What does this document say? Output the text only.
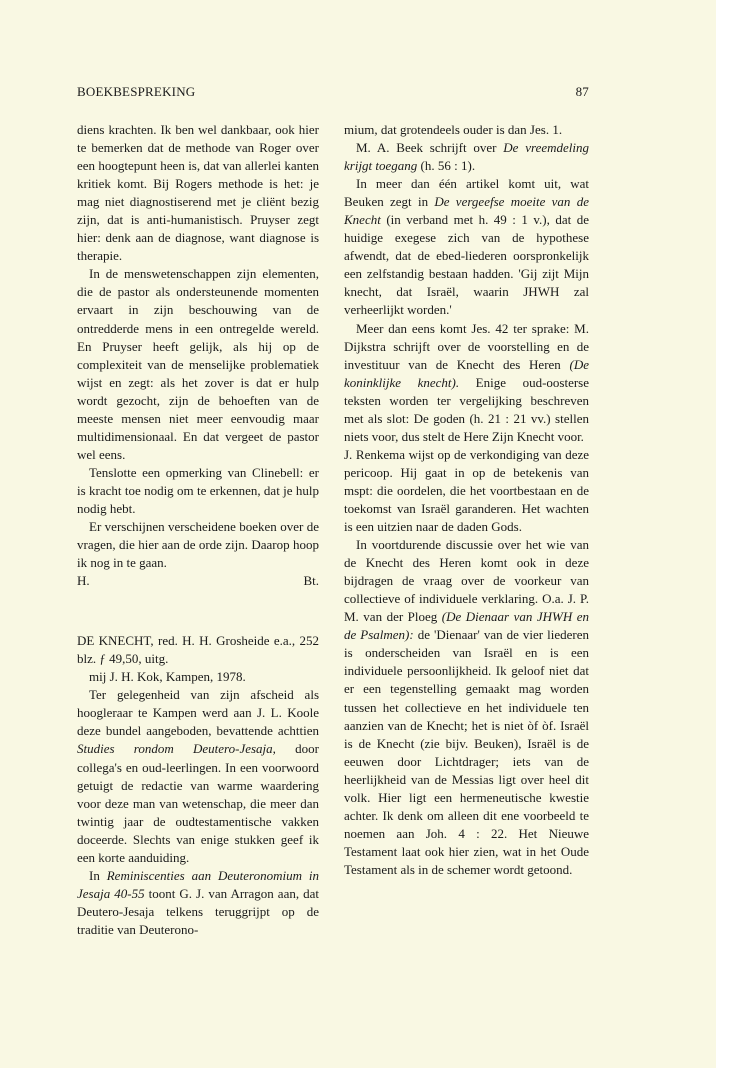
BOEKBESPREKING	87

diens krachten. Ik ben wel dankbaar, ook hier te bemerken dat de methode van Roger over een hoogtepunt heen is, dat van allerlei kanten kritiek komt. Bij Rogers methode is het: je mag niet diagnostiserend met je cliënt bezig zijn, dat is anti-humanistisch. Pruyser zegt hier: denk aan de diagnose, want diagnose is therapie.

In de menswetenschappen zijn elementen, die de pastor als ondersteunende momenten ervaart in zijn beschouwing van de ontredderde mens in een ontregelde wereld. En Pruyser heeft gelijk, als hij op de complexiteit van de menselijke problematiek wijst en zegt: als het zover is dat er hulp wordt gezocht, zijn de behoeften van de meeste mensen niet meer eenvoudig maar multidimensionaal. En dat vergeet de pastor wel eens.

Tenslotte een opmerking van Clinebell: er is kracht toe nodig om te erkennen, dat je hulp nodig hebt.

Er verschijnen verscheidene boeken over de vragen, die hier aan de orde zijn. Daarop hoop ik nog in te gaan.

H.	Bt.

DE KNECHT, red. H. H. Grosheide e.a., 252 blz. ƒ 49,50, uitg.
mij J. H. Kok, Kampen, 1978.

Ter gelegenheid van zijn afscheid als hoogleraar te Kampen werd aan J. L. Koole deze bundel aangeboden, bevattende achttien Studies rondom Deutero-Jesaja, door collega's en oud-leerlingen. In een voorwoord getuigt de redactie van warme waardering voor deze man van wetenschap, die meer dan twintig jaar de oudtestamentische vakken doceerde. Slechts van enige stukken geef ik een korte aanduiding.

In Reminiscenties aan Deuteronomium in Jesaja 40-55 toont G. J. van Arragon aan, dat Deutero-Jesaja telkens teruggrijpt op de traditie van Deuterono-

mium, dat grotendeels ouder is dan Jes. 1.

M. A. Beek schrijft over De vreemdeling krijgt toegang (h. 56 : 1).

In meer dan één artikel komt uit, wat Beuken zegt in De vergeefse moeite van de Knecht (in verband met h. 49 : 1 v.), dat de huidige exegese zich van de hypothese afwendt, dat de ebed-liederen oorspronkelijk een zelfstandig bestaan hadden. 'Gij zijt Mijn knecht, dat Israël, waarin JHWH zal verheerlijkt worden.'

Meer dan eens komt Jes. 42 ter sprake: M. Dijkstra schrijft over de voorstelling en de investituur van de Knecht des Heren (De koninklijke knecht). Enige oud-oosterse teksten worden ter vergelijking beschreven met als slot: De goden (h. 21 : 21 vv.) stellen niets voor, dus stelt de Here Zijn Knecht voor.

J. Renkema wijst op de verkondiging van deze pericoop. Hij gaat in op de betekenis van mspt: die oordelen, die het voortbestaan en de toekomst van Israël garanderen. Het wachten is een uitzien naar de daden Gods.

In voortdurende discussie over het wie van de Knecht des Heren komt ook in deze bijdragen de vraag over de voorkeur van collectieve of individuele verklaring. O.a. J. P. M. van der Ploeg (De Dienaar van JHWH en de Psalmen): de 'Dienaar' van de vier liederen is onderscheiden van Israël en is een individuele persoonlijkheid. Ik geloof niet dat er een tegenstelling gemaakt mag worden tussen het collectieve en het individuele ten aanzien van de Knecht; het is niet òf òf. Israël is de Knecht (zie bijv. Beuken), Israël is de eeuwen door Lichtdrager; iets van de heerlijkheid van de Messias ligt over heel dit volk. Hier ligt een hermeneutische kwestie achter. Ik denk om alleen dit ene voorbeeld te noemen aan Joh. 4 : 22. Het Nieuwe Testament laat ook hier zien, wat in het Oude Testament als in de schemer wordt getoond.
